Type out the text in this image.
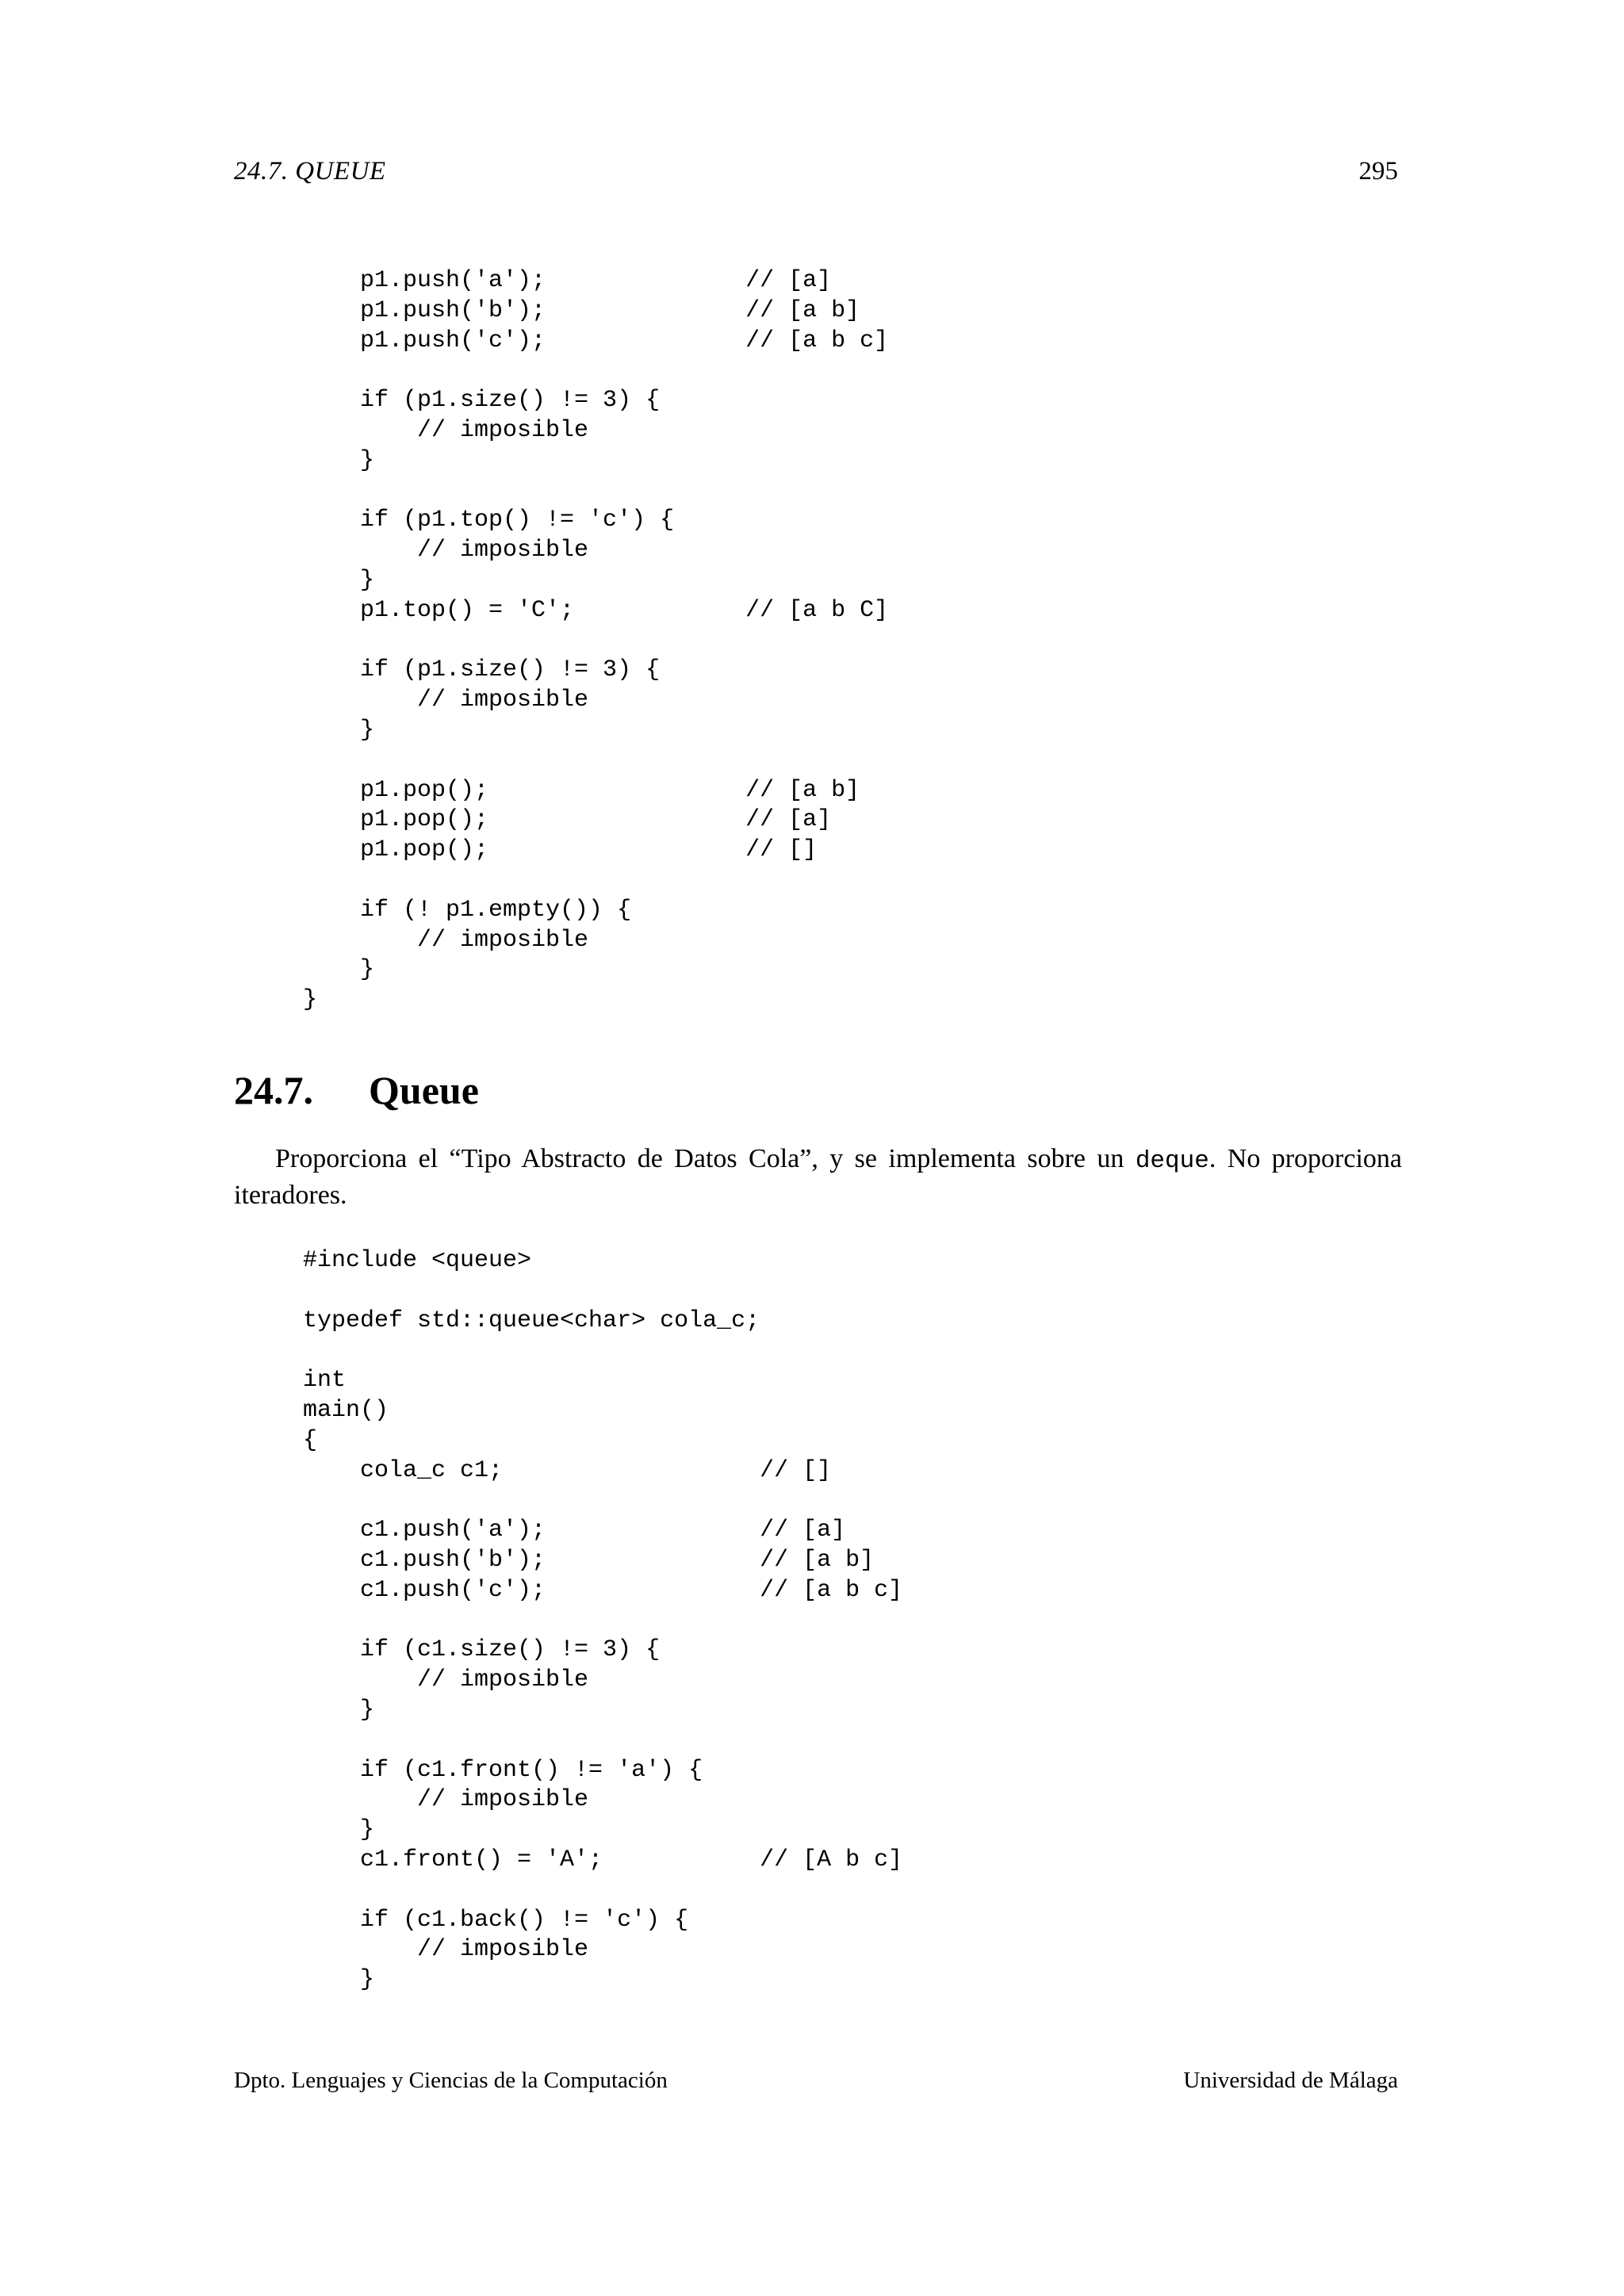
24.7. QUEUE	295
p1.push('a');              // [a]
p1.push('b');              // [a b]
p1.push('c');              // [a b c]

if (p1.size() != 3) {
// imposible
}

if (p1.top() != 'c') {
// imposible
}
p1.top() = 'C';            // [a b C]

if (p1.size() != 3) {
// imposible
}

p1.pop();                  // [a b]
p1.pop();                  // [a]
p1.pop();                  // []

if (! p1.empty()) {
// imposible
}
}
24.7. Queue

Proporciona el “Tipo Abstracto de Datos Cola”, y se implementa sobre un deque. No proporciona iteradores.

#include <queue>

typedef std::queue<char> cola_c;

int
main()
{
cola_c c1;                  // []

c1.push('a');               // [a]
c1.push('b');               // [a b]
c1.push('c');               // [a b c]

if (c1.size() != 3) {
// imposible
}

if (c1.front() != 'a') {
// imposible
}
c1.front() = 'A';           // [A b c]

if (c1.back() != 'c') {
// imposible
}
Dpto. Lenguajes y Ciencias de la Computación	Universidad de Málaga
